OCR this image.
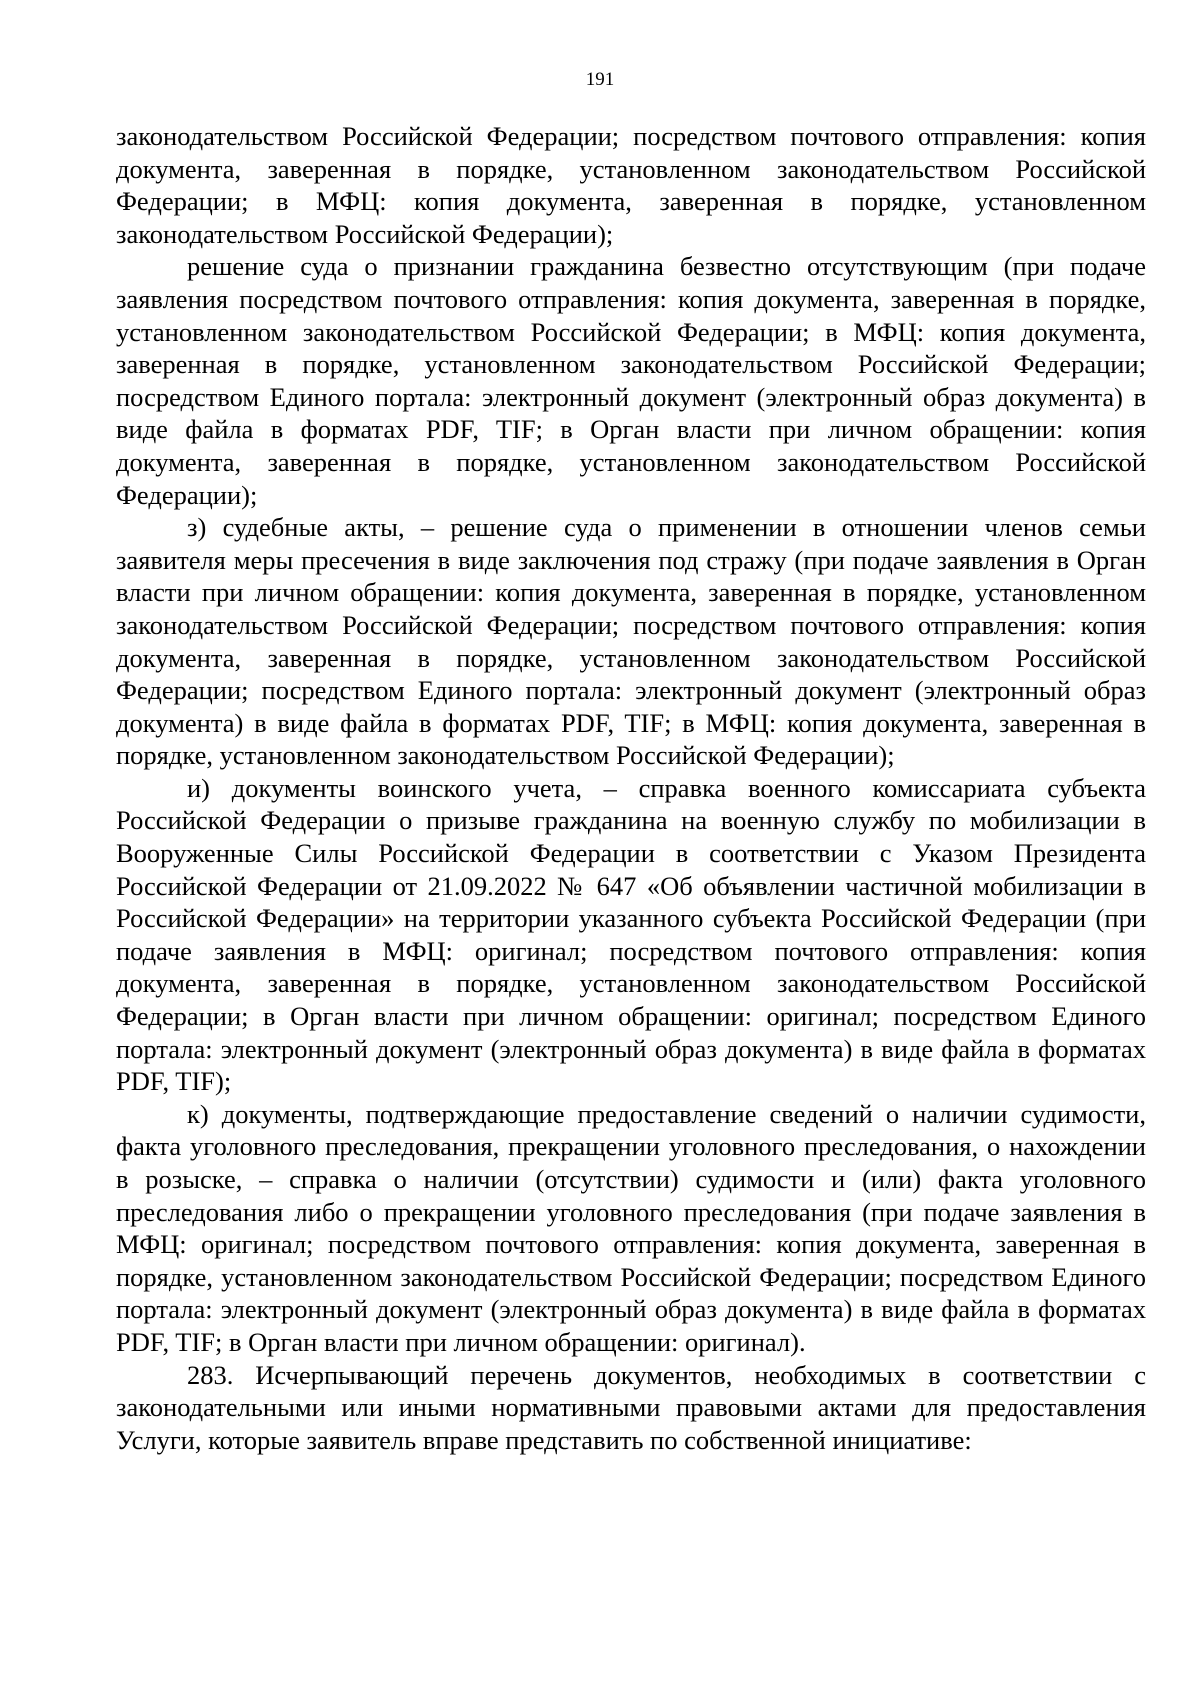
191

законодательством Российской Федерации; посредством почтового отправления: копия документа, заверенная в порядке, установленном законодательством Российской Федерации; в МФЦ: копия документа, заверенная в порядке, установленном законодательством Российской Федерации);

решение суда о признании гражданина безвестно отсутствующим (при подаче заявления посредством почтового отправления: копия документа, заверенная в порядке, установленном законодательством Российской Федерации; в МФЦ: копия документа, заверенная в порядке, установленном законодательством Российской Федерации; посредством Единого портала: электронный документ (электронный образ документа) в виде файла в форматах PDF, TIF; в Орган власти при личном обращении: копия документа, заверенная в порядке, установленном законодательством Российской Федерации);

з) судебные акты, – решение суда о применении в отношении членов семьи заявителя меры пресечения в виде заключения под стражу (при подаче заявления в Орган власти при личном обращении: копия документа, заверенная в порядке, установленном законодательством Российской Федерации; посредством почтового отправления: копия документа, заверенная в порядке, установленном законодательством Российской Федерации; посредством Единого портала: электронный документ (электронный образ документа) в виде файла в форматах PDF, TIF; в МФЦ: копия документа, заверенная в порядке, установленном законодательством Российской Федерации);

и) документы воинского учета, – справка военного комиссариата субъекта Российской Федерации о призыве гражданина на военную службу по мобилизации в Вооруженные Силы Российской Федерации в соответствии с Указом Президента Российской Федерации от 21.09.2022 № 647 «Об объявлении частичной мобилизации в Российской Федерации» на территории указанного субъекта Российской Федерации (при подаче заявления в МФЦ: оригинал; посредством почтового отправления: копия документа, заверенная в порядке, установленном законодательством Российской Федерации; в Орган власти при личном обращении: оригинал; посредством Единого портала: электронный документ (электронный образ документа) в виде файла в форматах PDF, TIF);

к) документы, подтверждающие предоставление сведений о наличии судимости, факта уголовного преследования, прекращении уголовного преследования, о нахождении в розыске, – справка о наличии (отсутствии) судимости и (или) факта уголовного преследования либо о прекращении уголовного преследования (при подаче заявления в МФЦ: оригинал; посредством почтового отправления: копия документа, заверенная в порядке, установленном законодательством Российской Федерации; посредством Единого портала: электронный документ (электронный образ документа) в виде файла в форматах PDF, TIF; в Орган власти при личном обращении: оригинал).

283. Исчерпывающий перечень документов, необходимых в соответствии с законодательными или иными нормативными правовыми актами для предоставления Услуги, которые заявитель вправе представить по собственной инициативе:
